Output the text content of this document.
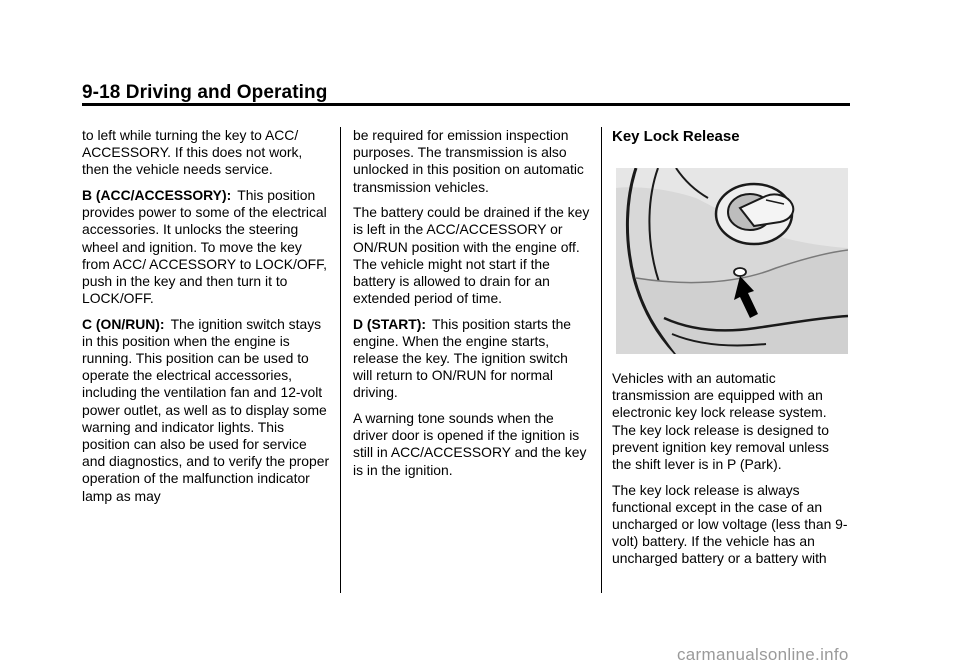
9-18 Driving and Operating

to left while turning the key to ACC/ ACCESSORY. If this does not work, then the vehicle needs service.

B (ACC/ACCESSORY): This position provides power to some of the electrical accessories. It unlocks the steering wheel and ignition. To move the key from ACC/ ACCESSORY to LOCK/OFF, push in the key and then turn it to LOCK/OFF.

C (ON/RUN): The ignition switch stays in this position when the engine is running. This position can be used to operate the electrical accessories, including the ventilation fan and 12-volt power outlet, as well as to display some warning and indicator lights. This position can also be used for service and diagnostics, and to verify the proper operation of the malfunction indicator lamp as may

be required for emission inspection purposes. The transmission is also unlocked in this position on automatic transmission vehicles.

The battery could be drained if the key is left in the ACC/ACCESSORY or ON/RUN position with the engine off. The vehicle might not start if the battery is allowed to drain for an extended period of time.

D (START): This position starts the engine. When the engine starts, release the key. The ignition switch will return to ON/RUN for normal driving.

A warning tone sounds when the driver door is opened if the ignition is still in ACC/ACCESSORY and the key is in the ignition.

Key Lock Release

Vehicles with an automatic transmission are equipped with an electronic key lock release system. The key lock release is designed to prevent ignition key removal unless the shift lever is in P (Park).

The key lock release is always functional except in the case of an uncharged or low voltage (less than 9-volt) battery. If the vehicle has an uncharged battery or a battery with

carmanualsonline.info
